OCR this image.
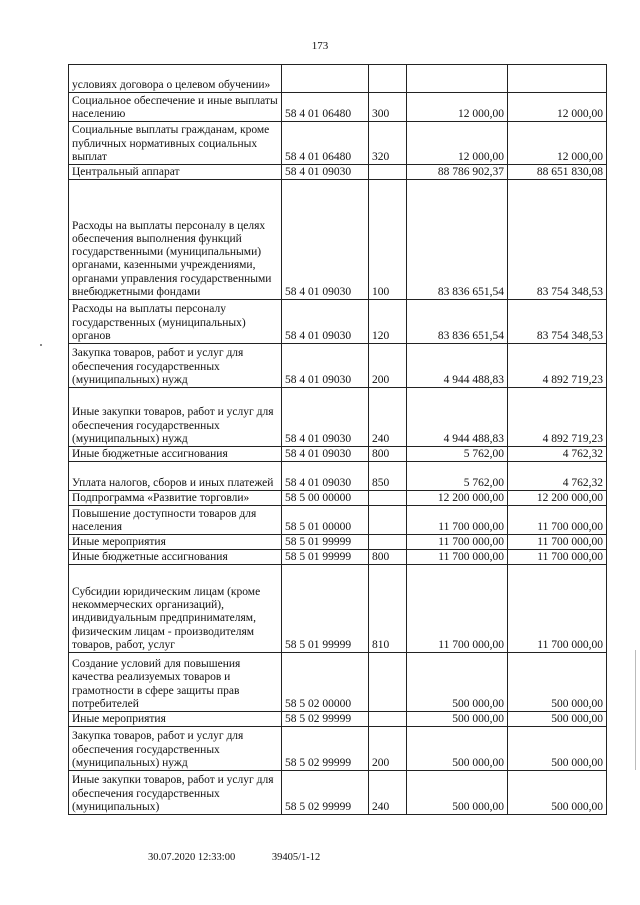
173
условиях договора о целевом обучении»				
Социальное обеспечение и иные выплаты населению	58 4 01 06480	300	12 000,00	12 000,00
Социальные выплаты гражданам, кроме публичных нормативных социальных выплат	58 4 01 06480	320	12 000,00	12 000,00
Центральный аппарат	58 4 01 09030		88 786 902,37	88 651 830,08
Расходы на выплаты персоналу в целях обеспечения выполнения функций государственными (муниципальными) органами, казенными учреждениями, органами управления государственными внебюджетными фондами	58 4 01 09030	100	83 836 651,54	83 754 348,53
Расходы на выплаты персоналу государственных (муниципальных) органов	58 4 01 09030	120	83 836 651,54	83 754 348,53
Закупка товаров, работ и услуг для обеспечения государственных (муниципальных) нужд	58 4 01 09030	200	4 944 488,83	4 892 719,23
Иные закупки товаров, работ и услуг для обеспечения государственных (муниципальных) нужд	58 4 01 09030	240	4 944 488,83	4 892 719,23
Иные бюджетные ассигнования	58 4 01 09030	800	5 762,00	4 762,32
Уплата налогов, сборов и иных платежей	58 4 01 09030	850	5 762,00	4 762,32
Подпрограмма «Развитие торговли»	58 5 00 00000		12 200 000,00	12 200 000,00
Повышение доступности товаров для населения	58 5 01 00000		11 700 000,00	11 700 000,00
Иные мероприятия	58 5 01 99999		11 700 000,00	11 700 000,00
Иные бюджетные ассигнования	58 5 01 99999	800	11 700 000,00	11 700 000,00
Субсидии юридическим лицам (кроме некоммерческих организаций), индивидуальным предпринимателям, физическим лицам - производителям товаров, работ, услуг	58 5 01 99999	810	11 700 000,00	11 700 000,00
Создание условий для повышения качества реализуемых товаров и грамотности в сфере защиты прав потребителей	58 5 02 00000		500 000,00	500 000,00
Иные мероприятия	58 5 02 99999		500 000,00	500 000,00
Закупка товаров, работ и услуг для обеспечения государственных (муниципальных) нужд	58 5 02 99999	200	500 000,00	500 000,00
Иные закупки товаров, работ и услуг для обеспечения государственных (муниципальных)	58 5 02 99999	240	500 000,00	500 000,00
30.07.2020 12:33:00	39405/1-12
